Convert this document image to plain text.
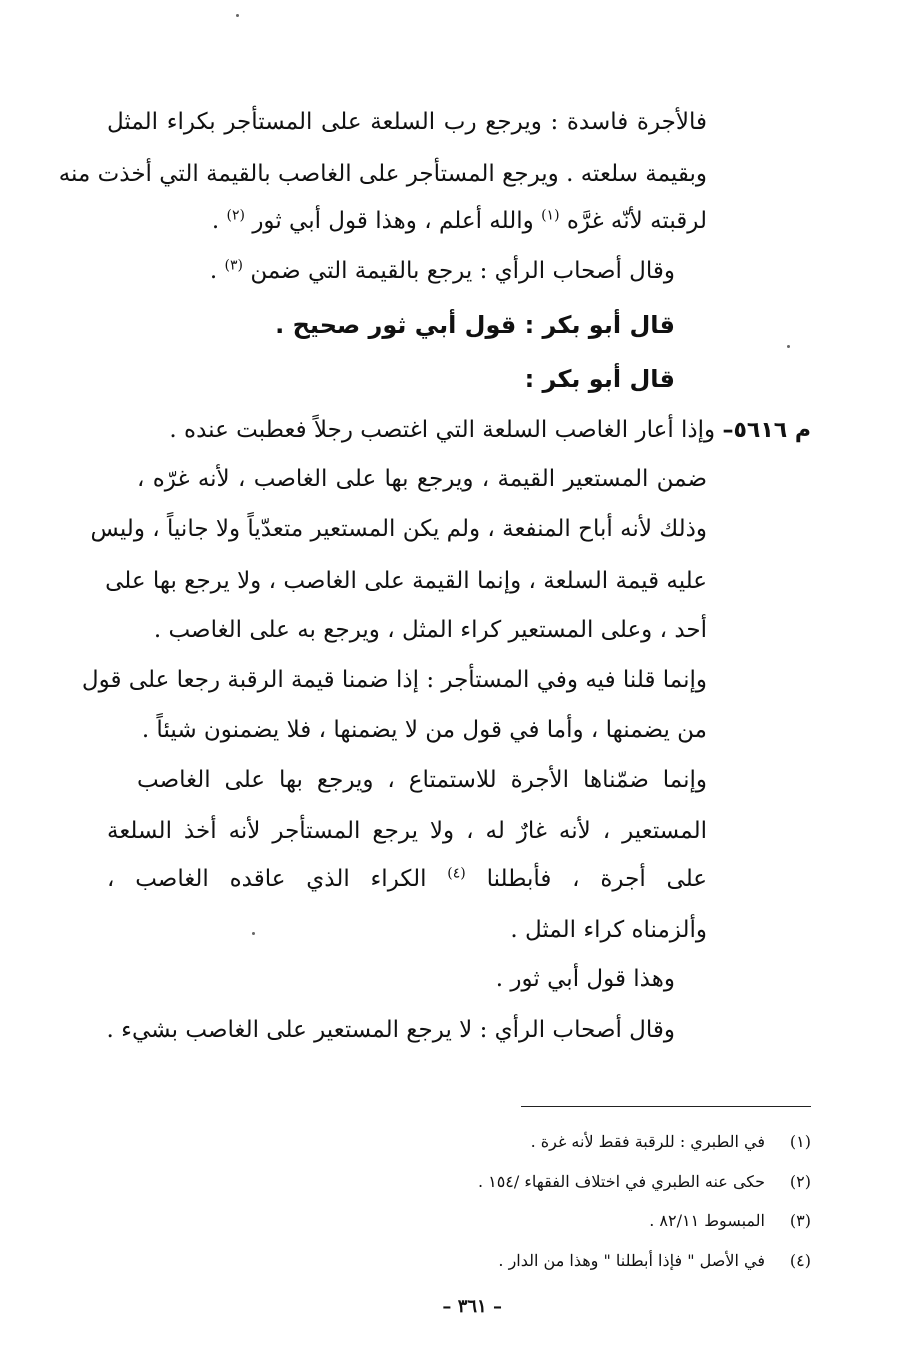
فالأجرة فاسدة : ويرجع رب السلعة على المستأجر بكراء المثل
وبقيمة سلعته . ويرجع المستأجر على الغاصب بالقيمة التي أخذت منه
لرقبته لأنّه غرَّه $^{(١)}$ والله أعلم ، وهذا قول أبي ثور $^{(٢)}$ .
وقال أصحاب الرأي : يرجع بالقيمة التي ضمن $^{(٣)}$ .
قال أبو بكر : قول أبي ثور صحيح .
قال أبو بكر :
م ٥٦١٦– وإذا أعار الغاصب السلعة التي اغتصب رجلاً فعطبت عنده .
ضمن المستعير القيمة ، ويرجع بها على الغاصب ، لأنه غرّه ،
وذلك لأنه أباح المنفعة ، ولم يكن المستعير متعدّياً ولا جانياً ، وليس
عليه قيمة السلعة ، وإنما القيمة على الغاصب ، ولا يرجع بها على
أحد ، وعلى المستعير كراء المثل ، ويرجع به على الغاصب .
وإنما قلنا فيه وفي المستأجر : إذا ضمنا قيمة الرقبة رجعا على قول
من يضمنها ، وأما في قول من لا يضمنها ، فلا يضمنون شيئاً .
وإنما ضمّناها الأجرة للاستمتاع ، ويرجع بها على الغاصب
المستعير ، لأنه غارٌ له ، ولا يرجع المستأجر لأنه أخذ السلعة
على أجرة ، فأبطلنا $^{(٤)}$ الكراء الذي عاقده الغاصب ،
وألزمناه كراء المثل .
وهذا قول أبي ثور .
وقال أصحاب الرأي : لا يرجع المستعير على الغاصب بشيء .
(١)في الطبري : للرقبة فقط لأنه غرة .
(٢)حكى عنه الطبري في اختلاف الفقهاء /١٥٤ .
(٣)المبسوط ٨٢/١١ .
(٤)في الأصل " فإذا أبطلنا " وهذا من الدار .
– ٣٦١ –
